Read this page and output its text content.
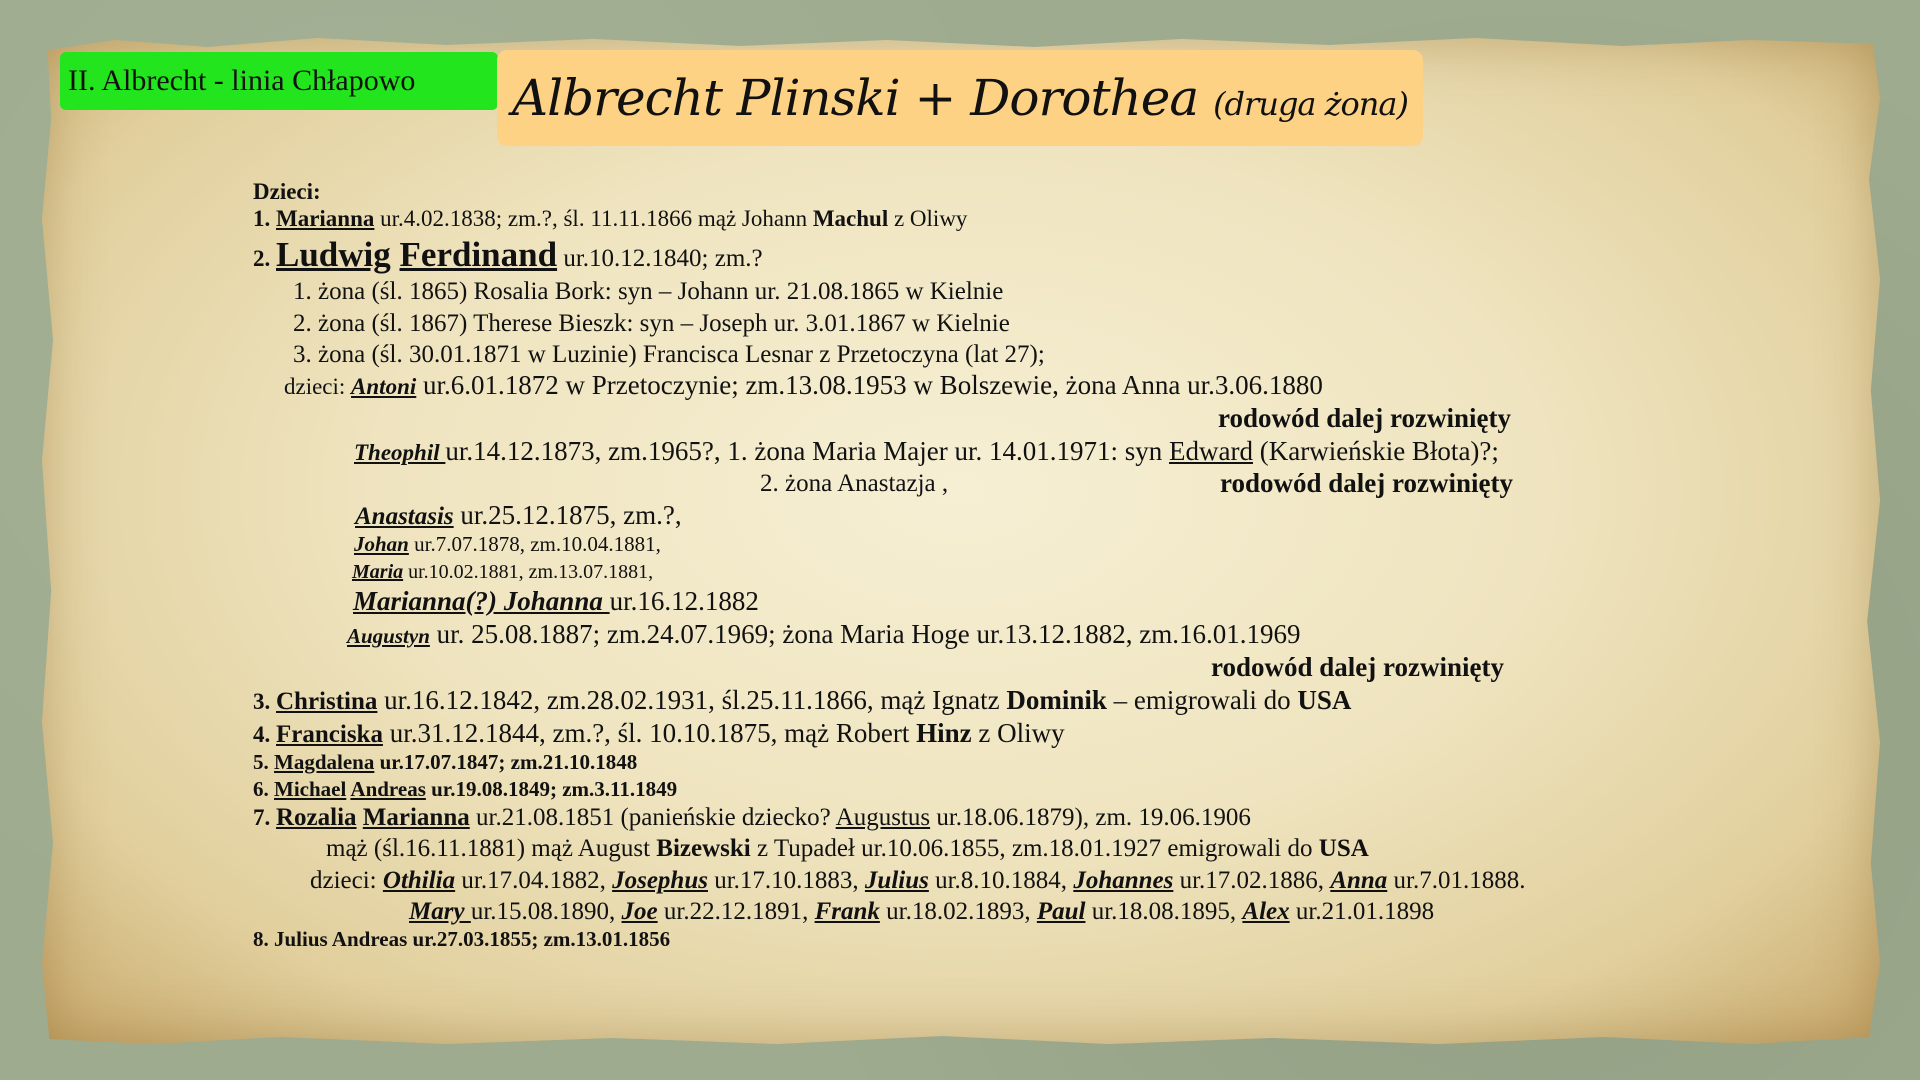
II. Albrecht - linia Chłapowo Albrecht Plinski + Dorothea (druga żona)
Dzieci:
1. Marianna ur.4.02.1838; zm.?, śl. 11.11.1866 mąż Johann Machul z Oliwy
2. Ludwig Ferdinand ur.10.12.1840; zm.?
1. żona (śl. 1865) Rosalia Bork: syn – Johann ur. 21.08.1865 w Kielnie
2. żona (śl. 1867) Therese Bieszk: syn – Joseph ur. 3.01.1867 w Kielnie
3. żona (śl. 30.01.1871 w Luzinie) Francisca Lesnar z Przetoczyna (lat 27);
dzieci: Antoni ur.6.01.1872 w Przetoczynie; zm.13.08.1953 w Bolszewie, żona Anna ur.3.06.1880
rodowód dalej rozwinięty
Theophil ur.14.12.1873, zm.1965?, 1. żona Maria Majer ur. 14.01.1971: syn Edward (Karwieńskie Błota)?;
2. żona Anastazja ,	rodowód dalej rozwinięty
Anastasis ur.25.12.1875, zm.?,
Johan ur.7.07.1878, zm.10.04.1881,
Maria ur.10.02.1881, zm.13.07.1881,
Marianna(?) Johanna ur.16.12.1882
Augustyn ur. 25.08.1887; zm.24.07.1969; żona Maria Hoge ur.13.12.1882, zm.16.01.1969
rodowód dalej rozwinięty
3. Christina ur.16.12.1842, zm.28.02.1931, śl.25.11.1866, mąż Ignatz Dominik – emigrowali do USA
4. Franciska ur.31.12.1844, zm.?, śl. 10.10.1875, mąż Robert Hinz z Oliwy
5. Magdalena ur.17.07.1847; zm.21.10.1848
6. Michael Andreas ur.19.08.1849; zm.3.11.1849
7. Rozalia Marianna ur.21.08.1851 (panieńskie dziecko? Augustus ur.18.06.1879), zm. 19.06.1906
mąż (śl.16.11.1881) mąż August Bizewski z Tupadeł ur.10.06.1855, zm.18.01.1927 emigrowali do USA
dzieci: Othilia ur.17.04.1882, Josephus ur.17.10.1883, Julius ur.8.10.1884, Johannes ur.17.02.1886, Anna ur.7.01.1888.
Mary ur.15.08.1890, Joe ur.22.12.1891, Frank ur.18.02.1893, Paul ur.18.08.1895, Alex ur.21.01.1898
8. Julius Andreas ur.27.03.1855; zm.13.01.1856
